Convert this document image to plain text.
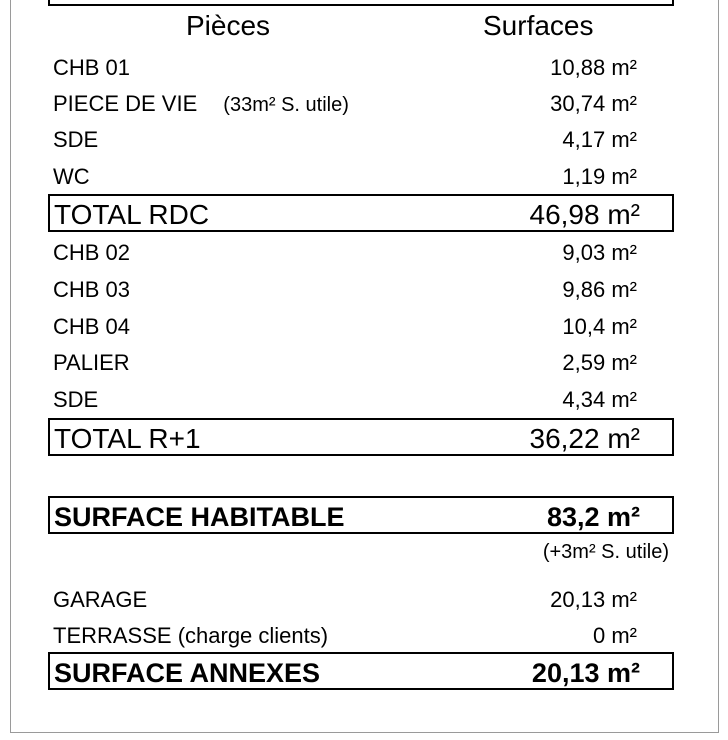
Pièces	Surfaces
CHB 01	10,88 m²
PIECE DE VIE (33m² S. utile)	30,74 m²
SDE	4,17 m²
WC	1,19 m²
TOTAL RDC	46,98 m²
CHB 02	9,03 m²
CHB 03	9,86 m²
CHB 04	10,4 m²
PALIER	2,59 m²
SDE	4,34 m²
TOTAL R+1	36,22 m²
SURFACE HABITABLE	83,2 m²
(+3m² S. utile)
GARAGE	20,13 m²
TERRASSE (charge clients)	0 m²
SURFACE ANNEXES	20,13 m²
